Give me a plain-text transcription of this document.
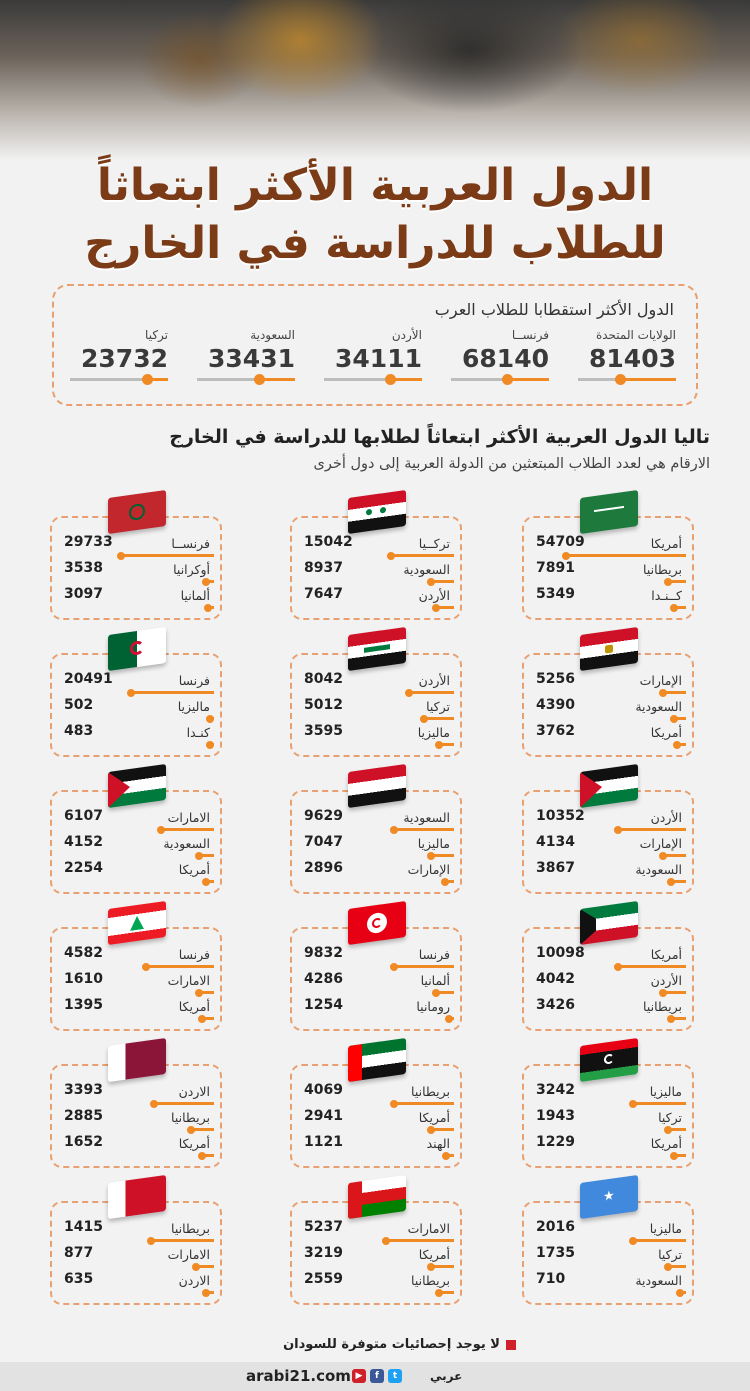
الدول العربية الأكثر ابتعاثاً
للطلاب للدراسة في الخارج
الدول الأكثر استقطابا للطلاب العرب
الولايات المتحدة
81403
فرنســا
68140
الأردن
34111
السعودية
33431
تركيا
23732
تاليا الدول العربية الأكثر ابتعاثاً لطلابها للدراسة في الخارج
الارقام هي لعدد الطلاب المبتعثين من الدولة العربية إلى دول أخرى
أمريكا
54709
بريطانيا
7891
كــنـدا
5349
تركــيا
15042
السعودية
8937
الأردن
7647
فرنســا
29733
أوكرانيا
3538
ألمانيا
3097
الإمارات
5256
السعودية
4390
أمريكا
3762
الأردن
8042
تركيا
5012
ماليزيا
3595
فرنسا
20491
ماليزيا
502
كنـدا
483
الأردن
10352
الإمارات
4134
السعودية
3867
السعودية
9629
ماليزيا
7047
الإمارات
2896
الامارات
6107
السعودية
4152
أمريكا
2254
أمريكا
10098
الأردن
4042
بريطانيا
3426
فرنسا
9832
ألمانيا
4286
رومانيا
1254
فرنسا
4582
الامارات
1610
أمريكا
1395
ماليزيا
3242
تركيا
1943
أمريكا
1229
بريطانيا
4069
أمريكا
2941
الهند
1121
الاردن
3393
بريطانيا
2885
أمريكا
1652
★
ماليزيا
2016
تركيا
1735
السعودية
710
الامارات
5237
أمريكا
3219
بريطانيا
2559
بريطانيا
1415
الامارات
877
الاردن
635
لا يوجد إحصائيات متوفرة للسودان
arabi21.com ▶	f	t	عربي
